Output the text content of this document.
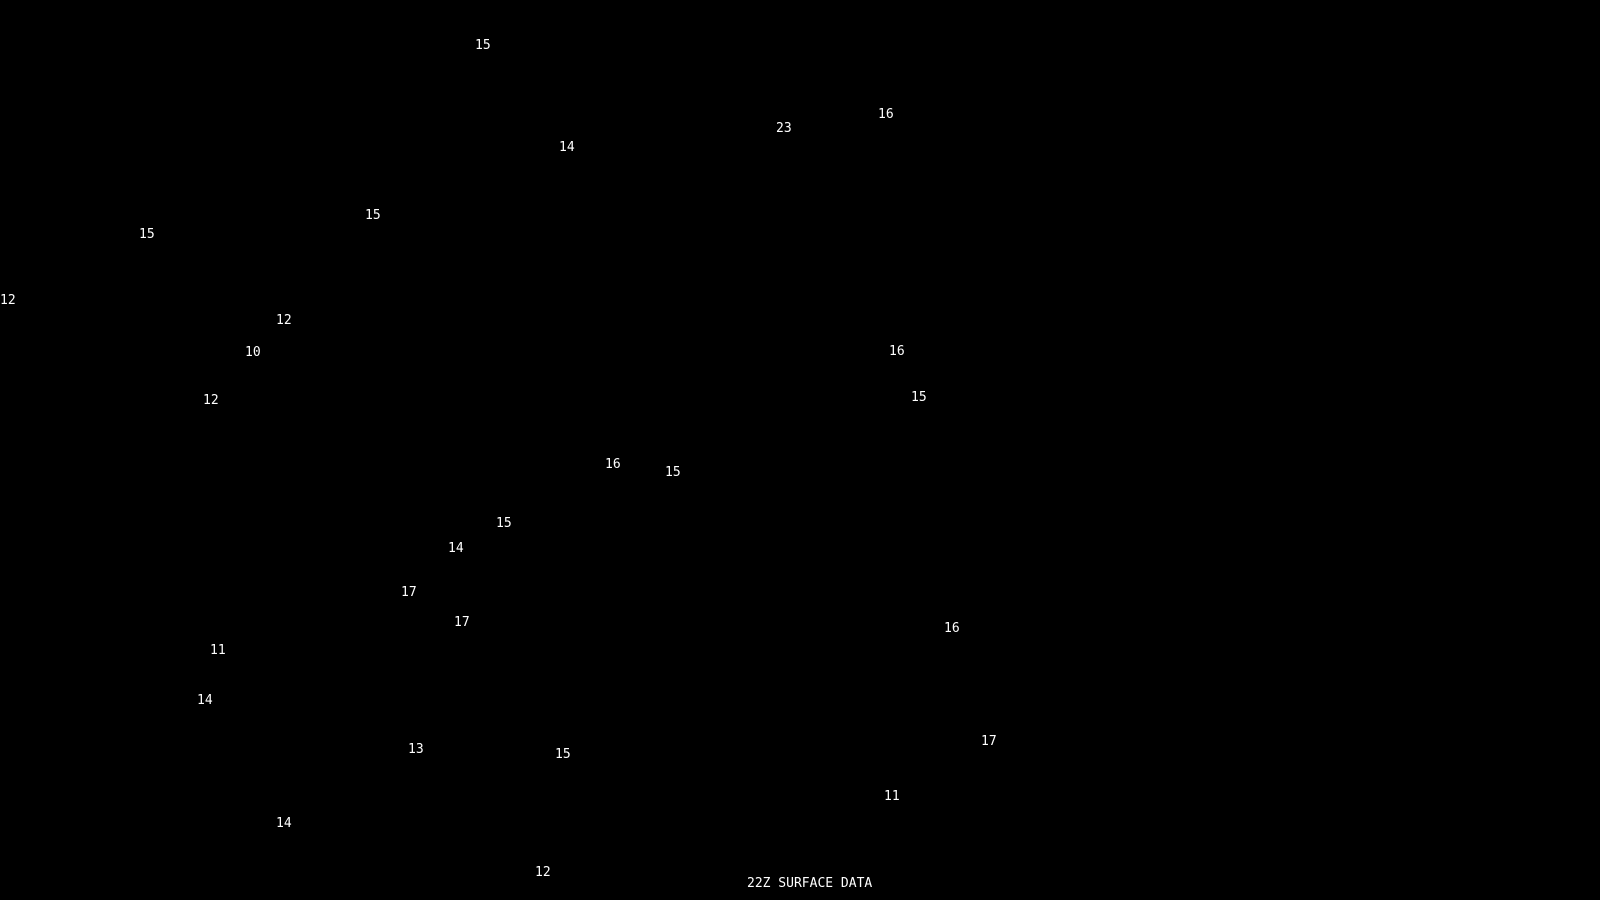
15
16
23
14
15
15
12
12
16
10
15
12
16
15
15
14
17
17	16
11
14
17
13	15
11
14
12
22Z SURFACE DATA
